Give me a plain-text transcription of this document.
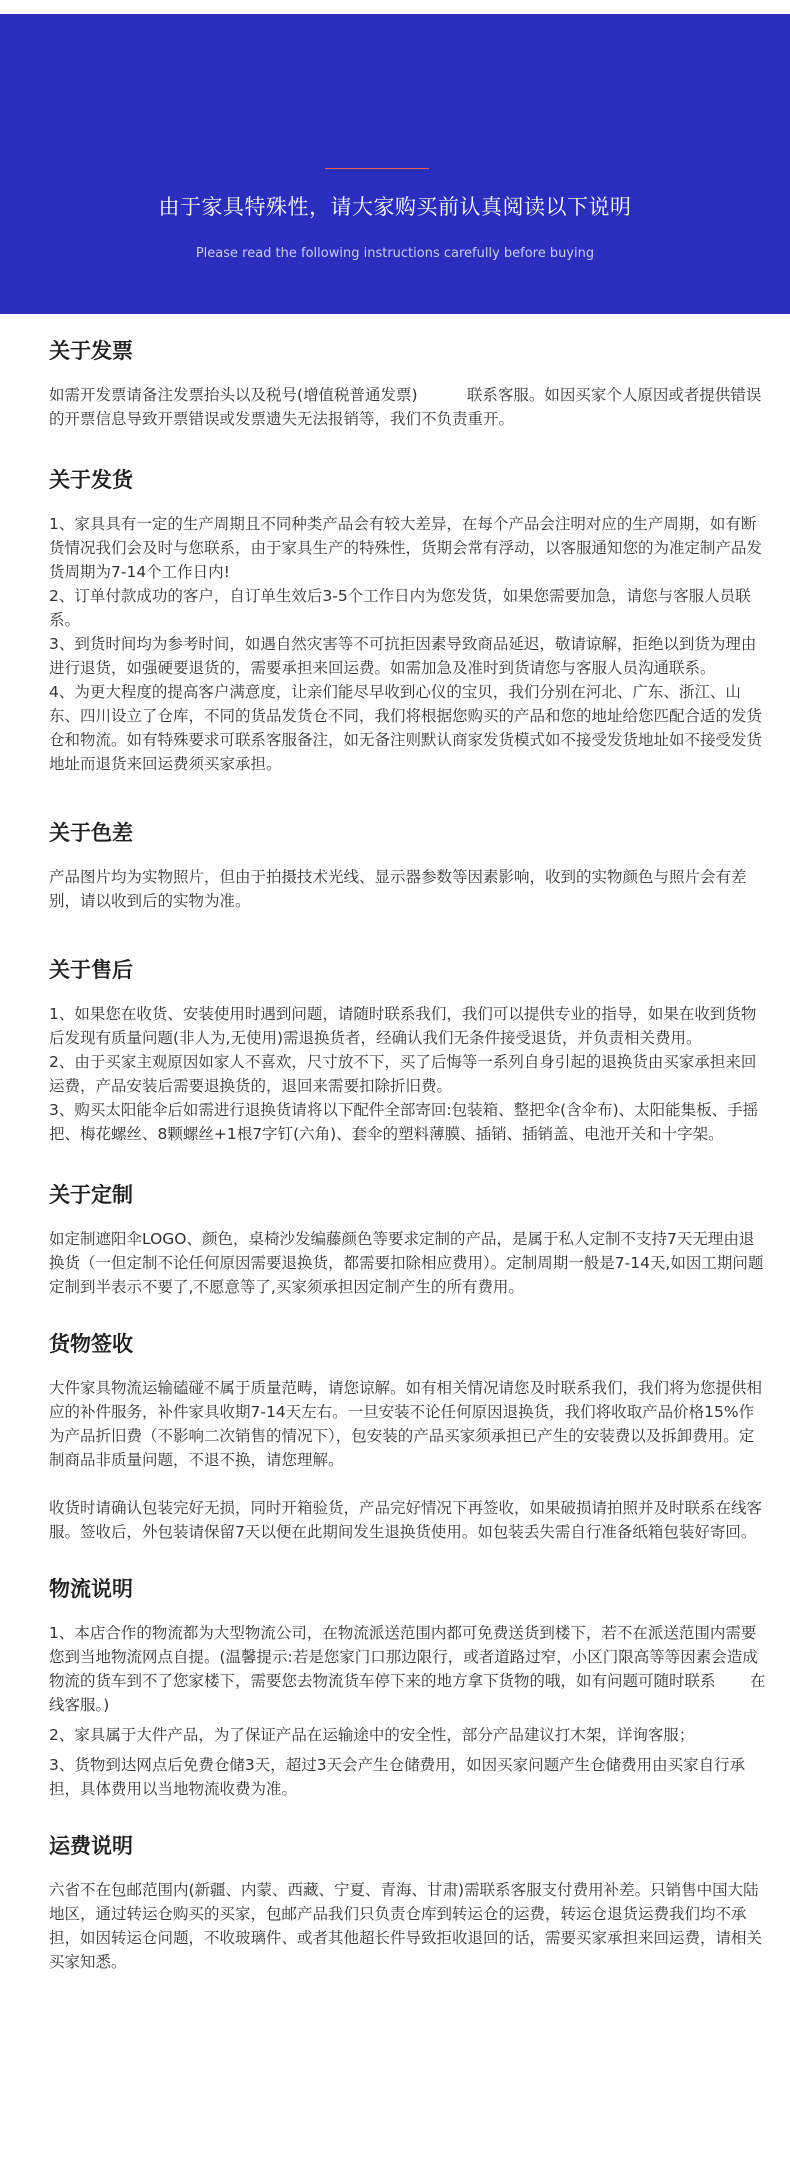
由于家具特殊性，请大家购买前认真阅读以下说明
Please read the following instructions carefully before buying
关于发票

如需开发票请备注发票抬头以及税号(增值税普通发票)          联系客服。如因买家个人原因或者提供错误的开票信息导致开票错误或发票遗失无法报销等，我们不负责重开。

关于发货

1、家具具有一定的生产周期且不同种类产品会有较大差异，在每个产品会注明对应的生产周期，如有断货情况我们会及时与您联系，由于家具生产的特殊性，货期会常有浮动，以客服通知您的为准定制产品发货周期为7-14个工作日内!

2、订单付款成功的客户，自订单生效后3-5个工作日内为您发货，如果您需要加急，请您与客服人员联系。

3、到货时间均为参考时间，如遇自然灾害等不可抗拒因素导致商品延迟，敬请谅解，拒绝以到货为理由进行退货，如强硬要退货的，需要承担来回运费。如需加急及准时到货请您与客服人员沟通联系。

4、为更大程度的提高客户满意度，让亲们能尽早收到心仪的宝贝，我们分别在河北、广东、浙江、山东、四川设立了仓库，不同的货品发货仓不同，我们将根据您购买的产品和您的地址给您匹配合适的发货仓和物流。如有特殊要求可联系客服备注，如无备注则默认商家发货模式如不接受发货地址如不接受发货地址而退货来回运费须买家承担。

关于色差

产品图片均为实物照片，但由于拍摄技术光线、显示器参数等因素影响，收到的实物颜色与照片会有差别，请以收到后的实物为准。

关于售后

1、如果您在收货、安装使用时遇到问题，请随时联系我们，我们可以提供专业的指导，如果在收到货物后发现有质量问题(非人为,无使用)需退换货者，经确认我们无条件接受退货，并负责相关费用。

2、由于买家主观原因如家人不喜欢，尺寸放不下，买了后悔等一系列自身引起的退换货由买家承担来回运费，产品安装后需要退换货的，退回来需要扣除折旧费。

3、购买太阳能伞后如需进行退换货请将以下配件全部寄回:包装箱、整把伞(含伞布)、太阳能集板、手摇把、梅花螺丝、8颗螺丝+1根7字钉(六角)、套伞的塑料薄膜、插销、插销盖、电池开关和十字架。

关于定制

如定制遮阳伞LOGO、颜色，桌椅沙发编藤颜色等要求定制的产品，是属于私人定制不支持7天无理由退换货（一但定制不论任何原因需要退换货，都需要扣除相应费用）。定制周期一般是7-14天,如因工期问题定制到半表示不要了,不愿意等了,买家须承担因定制产生的所有费用。

货物签收

大件家具物流运输磕碰不属于质量范畴，请您谅解。如有相关情况请您及时联系我们，我们将为您提供相应的补件服务，补件家具收期7-14天左右。一旦安装不论任何原因退换货，我们将收取产品价格15%作为产品折旧费（不影响二次销售的情况下），包安装的产品买家须承担已产生的安装费以及拆卸费用。定制商品非质量问题，不退不换，请您理解。

收货时请确认包装完好无损，同时开箱验货，产品完好情况下再签收，如果破损请拍照并及时联系在线客服。签收后，外包装请保留7天以便在此期间发生退换货使用。如包装丢失需自行准备纸箱包装好寄回。

物流说明

1、本店合作的物流都为大型物流公司，在物流派送范围内都可免费送货到楼下，若不在派送范围内需要您到当地物流网点自提。(温馨提示:若是您家门口那边限行，或者道路过窄，小区门限高等等因素会造成物流的货车到不了您家楼下，需要您去物流货车停下来的地方拿下货物的哦，如有问题可随时联系       在线客服。)

2、家具属于大件产品，为了保证产品在运输途中的安全性，部分产品建议打木架，详询客服；

3、货物到达网点后免费仓储3天，超过3天会产生仓储费用，如因买家问题产生仓储费用由买家自行承担，具体费用以当地物流收费为准。

运费说明

六省不在包邮范围内(新疆、内蒙、西藏、宁夏、青海、甘肃)需联系客服支付费用补差。只销售中国大陆地区，通过转运仓购买的买家，包邮产品我们只负责仓库到转运仓的运费，转运仓退货运费我们均不承担，如因转运仓问题，不收玻璃件、或者其他超长件导致拒收退回的话，需要买家承担来回运费，请相关买家知悉。
